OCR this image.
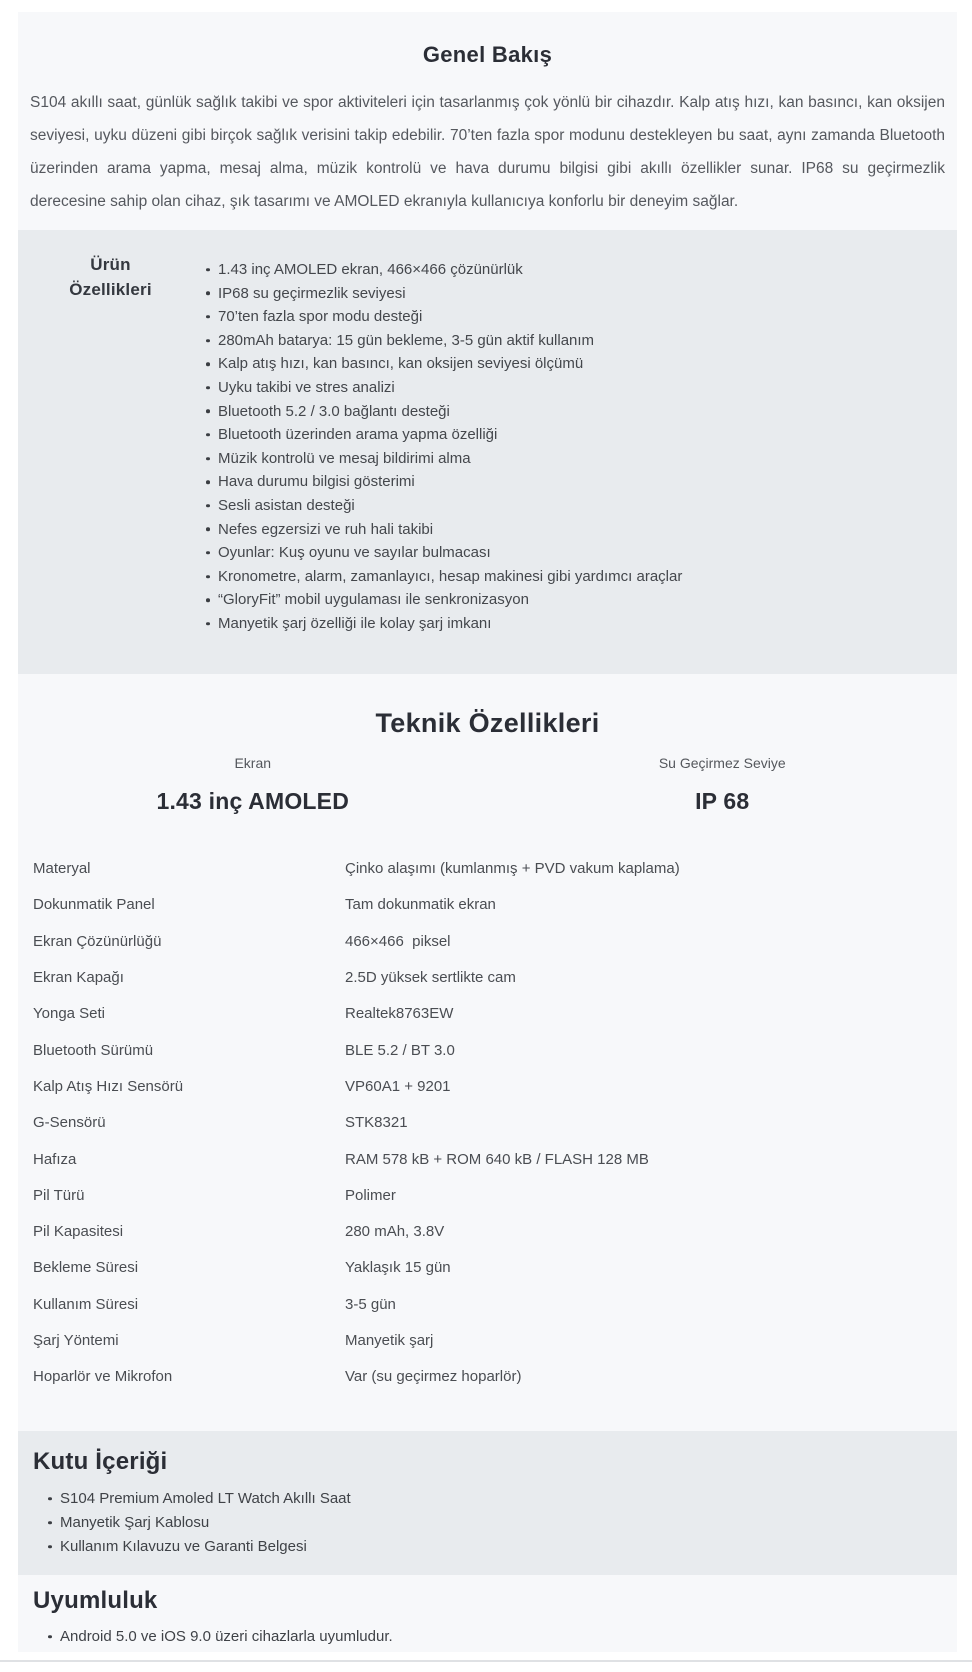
Genel Bakış

S104 akıllı saat, günlük sağlık takibi ve spor aktiviteleri için tasarlanmış çok yönlü bir cihazdır. Kalp atış hızı, kan basıncı, kan oksijen seviyesi, uyku düzeni gibi birçok sağlık verisini takip edebilir. 70’ten fazla spor modunu destekleyen bu saat, aynı zamanda Bluetooth üzerinden arama yapma, mesaj alma, müzik kontrolü ve hava durumu bilgisi gibi akıllı özellikler sunar. IP68 su geçirmezlik derecesine sahip olan cihaz, şık tasarımı ve AMOLED ekranıyla kullanıcıya konforlu bir deneyim sağlar.

Ürün
Özellikleri
1.43 inç AMOLED ekran, 466×466 çözünürlük
IP68 su geçirmezlik seviyesi
70’ten fazla spor modu desteği
280mAh batarya: 15 gün bekleme, 3-5 gün aktif kullanım
Kalp atış hızı, kan basıncı, kan oksijen seviyesi ölçümü
Uyku takibi ve stres analizi
Bluetooth 5.2 / 3.0 bağlantı desteği
Bluetooth üzerinden arama yapma özelliği
Müzik kontrolü ve mesaj bildirimi alma
Hava durumu bilgisi gösterimi
Sesli asistan desteği
Nefes egzersizi ve ruh hali takibi
Oyunlar: Kuş oyunu ve sayılar bulmacası
Kronometre, alarm, zamanlayıcı, hesap makinesi gibi yardımcı araçlar
“GloryFit” mobil uygulaması ile senkronizasyon
Manyetik şarj özelliği ile kolay şarj imkanı
Teknik Özellikleri
Ekran
1.43 inç AMOLED
Su Geçirmez Seviye
IP 68
Materyal	Çinko alaşımı (kumlanmış + PVD vakum kaplama)
Dokunmatik Panel	Tam dokunmatik ekran
Ekran Çözünürlüğü	466×466  piksel
Ekran Kapağı	2.5D yüksek sertlikte cam
Yonga Seti	Realtek8763EW
Bluetooth Sürümü	BLE 5.2 / BT 3.0
Kalp Atış Hızı Sensörü	VP60A1 + 9201
G-Sensörü	STK8321
Hafıza	RAM 578 kB + ROM 640 kB / FLASH 128 MB
Pil Türü	Polimer
Pil Kapasitesi	280 mAh, 3.8V
Bekleme Süresi	Yaklaşık 15 gün
Kullanım Süresi	3-5 gün
Şarj Yöntemi	Manyetik şarj
Hoparlör ve Mikrofon	Var (su geçirmez hoparlör)
Kutu İçeriği
S104 Premium Amoled LT Watch Akıllı Saat
Manyetik Şarj Kablosu
Kullanım Kılavuzu ve Garanti Belgesi
Uyumluluk
Android 5.0 ve iOS 9.0 üzeri cihazlarla uyumludur.
